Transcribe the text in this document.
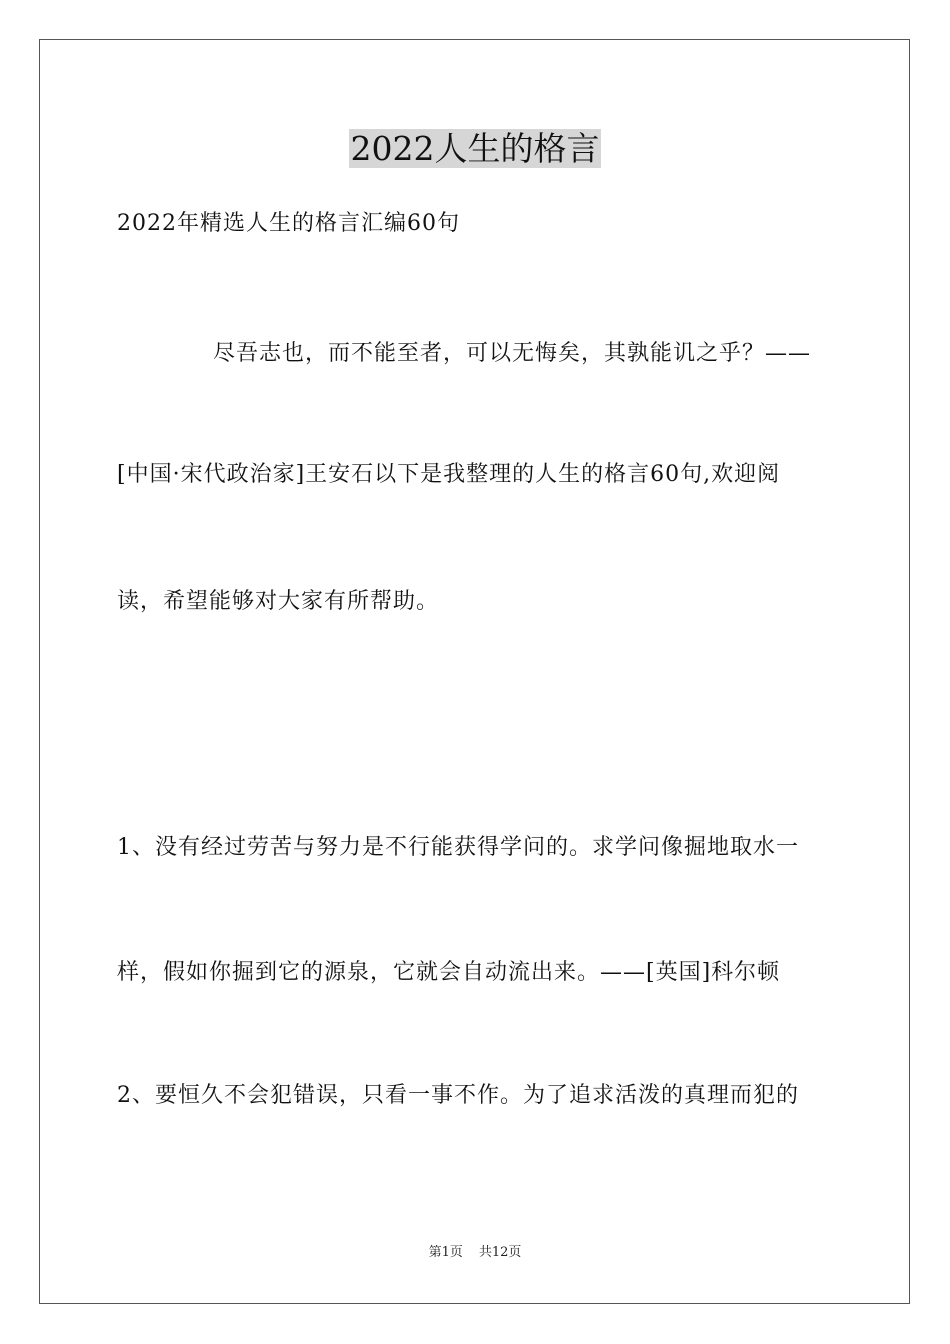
2022人生的格言
2022年精选人生的格言汇编60句
尽吾志也，而不能至者，可以无悔矣，其孰能讥之乎？——
[中国·宋代政治家]王安石以下是我整理的人生的格言60句,欢迎阅
读，希望能够对大家有所帮助。
1、没有经过劳苦与努力是不行能获得学问的。求学问像掘地取水一
样，假如你掘到它的源泉，它就会自动流出来。——[英国]科尔顿
2、要恒久不会犯错误，只看一事不作。为了追求活泼的真理而犯的
第1页 共12页
